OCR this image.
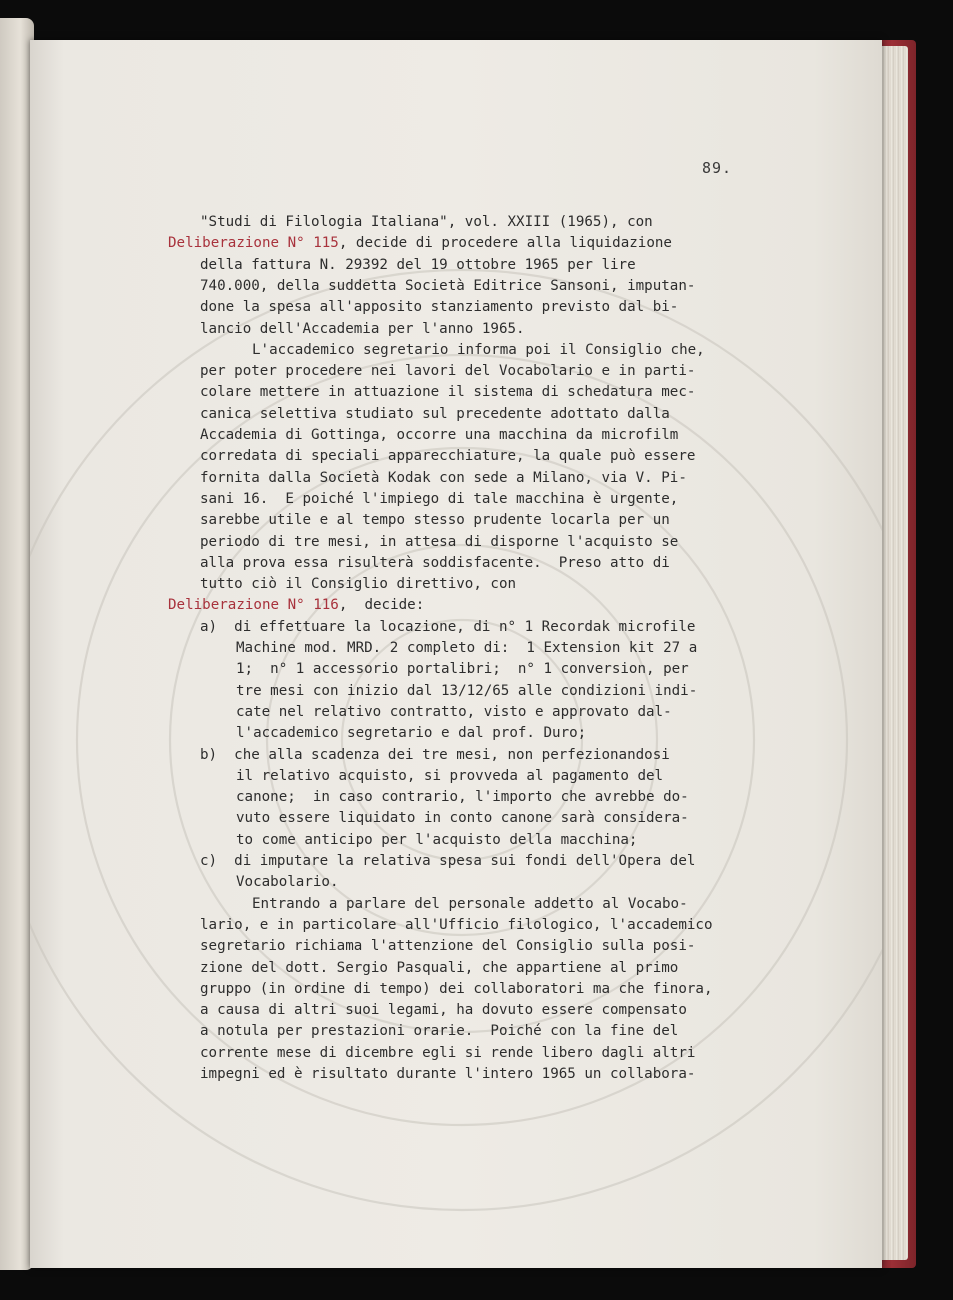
89.
"Studi di Filologia Italiana", vol. XXIII (1965), con
Deliberazione N° 115, decide di procedere alla liquidazione
della fattura N. 29392 del 19 ottobre 1965 per lire
740.000, della suddetta Società Editrice Sansoni, imputan-
done la spesa all'apposito stanziamento previsto dal bi-
lancio dell'Accademia per l'anno 1965.
L'accademico segretario informa poi il Consiglio che,
per poter procedere nei lavori del Vocabolario e in parti-
colare mettere in attuazione il sistema di schedatura mec-
canica selettiva studiato sul precedente adottato dalla
Accademia di Gottinga, occorre una macchina da microfilm
corredata di speciali apparecchiature, la quale può essere
fornita dalla Società Kodak con sede a Milano, via V. Pi-
sani 16.  E poiché l'impiego di tale macchina è urgente,
sarebbe utile e al tempo stesso prudente locarla per un
periodo di tre mesi, in attesa di disporne l'acquisto se
alla prova essa risulterà soddisfacente.  Preso atto di
tutto ciò il Consiglio direttivo, con
Deliberazione N° 116,  decide:
a)  di effettuare la locazione, di n° 1 Recordak microfile
Machine mod. MRD. 2 completo di:  1 Extension kit 27 a
1;  n° 1 accessorio portalibri;  n° 1 conversion, per
tre mesi con inizio dal 13/12/65 alle condizioni indi-
cate nel relativo contratto, visto e approvato dal-
l'accademico segretario e dal prof. Duro;
b)  che alla scadenza dei tre mesi, non perfezionandosi
il relativo acquisto, si provveda al pagamento del
canone;  in caso contrario, l'importo che avrebbe do-
vuto essere liquidato in conto canone sarà considera-
to come anticipo per l'acquisto della macchina;
c)  di imputare la relativa spesa sui fondi dell'Opera del
Vocabolario.
Entrando a parlare del personale addetto al Vocabo-
lario, e in particolare all'Ufficio filologico, l'accademico
segretario richiama l'attenzione del Consiglio sulla posi-
zione del dott. Sergio Pasquali, che appartiene al primo
gruppo (in ordine di tempo) dei collaboratori ma che finora,
a causa di altri suoi legami, ha dovuto essere compensato
a notula per prestazioni orarie.  Poiché con la fine del
corrente mese di dicembre egli si rende libero dagli altri
impegni ed è risultato durante l'intero 1965 un collabora-
